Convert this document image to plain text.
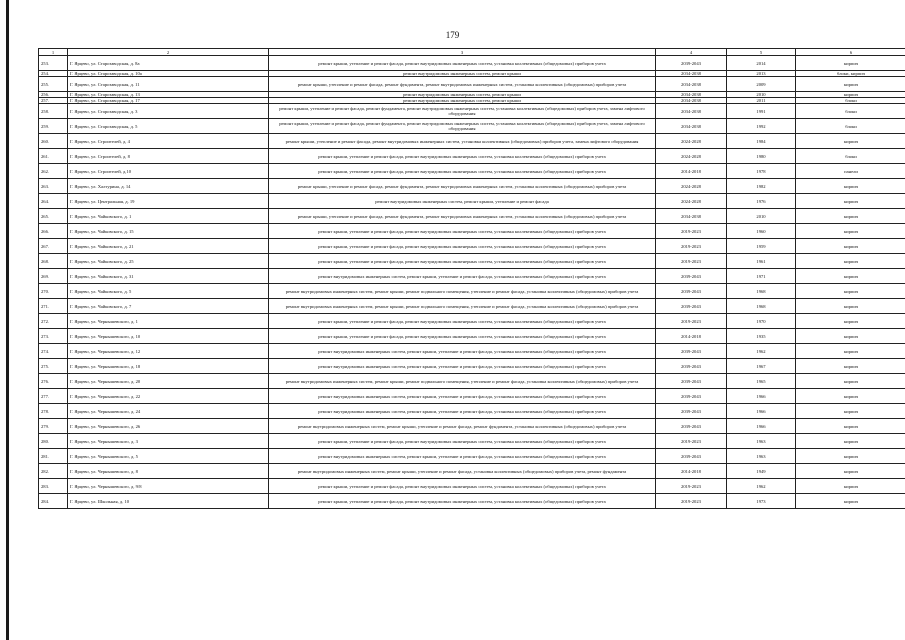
179
1	2	3	4	5	6
253.	Г. Ярцево, ул. Старозаводская, д. 8а	ремонт крыши, утепление и ремонт фасада, ремонт внутридомовых инженерных систем, установка коллективных (общедомовых) приборов учета	2039-2043	2014	кирпич
254.	Г. Ярцево, ул. Старозаводская, д. 10а	ремонт внутридомовых инженерных систем, ремонт крыши	2034-2038	2013	блоки, кирпич
255.	Г. Ярцево, ул. Старозаводская, д. 11	ремонт крыши, утепление и ремонт фасада, ремонт фундамента, ремонт внутридомовых инженерных систем, установка коллективных (общедомовых) приборов учета	2034-2038	2009	кирпич
256.	Г. Ярцево, ул. Старозаводская, д. 13	ремонт внутридомовых инженерных систем, ремонт крыши	2034-2038	2010	кирпич
257.	Г. Ярцево, ул. Старозаводская, д. 17	ремонт внутридомовых инженерных систем, ремонт крыши	2034-2038	2011	блоки
258.	Г. Ярцево, ул. Старозаводская, д. 3	ремонт крыши, утепление и ремонт фасада, ремонт фундамента, ремонт внутридомовых инженерных систем, установка коллективных (общедомовых) приборов учета, замена лифтового оборудования	2034-2038	1991	блоки
259.	Г. Ярцево, ул. Старозаводская, д. 5	ремонт крыши, утепление и ремонт фасада, ремонт фундамента, ремонт внутридомовых инженерных систем, установка коллективных (общедомовых) приборов учета, замена лифтового оборудования	2034-2038	1992	блоки
260.	Г. Ярцево, ул. Строителей, д. 4	ремонт крыши, утепление и ремонт фасада, ремонт внутридомовых инженерных систем, установка коллективных (общедомовых) приборов учета, замена лифтового оборудования	2024-2028	1984	кирпич
261.	Г. Ярцево, ул. Строителей, д. 8	ремонт крыши, утепление и ремонт фасада, ремонт внутридомовых инженерных систем, установка коллективных (общедомовых) приборов учета	2024-2028	1980	блоки
262.	Г. Ярцево, ул. Строителей, д.10	ремонт крыши, утепление и ремонт фасада, ремонт внутридомовых инженерных систем, установка коллективных (общедомовых) приборов учета	2014-2018	1978	панели
263.	Г. Ярцево, ул. Халтурина, д. 14	ремонт крыши, утепление и ремонт фасада, ремонт фундамента, ремонт внутридомовых инженерных систем, установка коллективных (общедомовых) приборов учета	2024-2028	1982	кирпич
264.	Г. Ярцево, ул. Центральная, д. 19	ремонт внутридомовых инженерных систем, ремонт крыши, утепление и ремонт фасада	2024-2028	1976	кирпич
265.	Г. Ярцево, ул. Чайковского, д. 1	ремонт крыши, утепление и ремонт фасада, ремонт фундамента, ремонт внутридомовых инженерных систем, установка коллективных (общедомовых) приборов учета	2034-2038	2010	кирпич
266.	Г. Ярцево, ул. Чайковского, д. 15	ремонт крыши, утепление и ремонт фасада, ремонт внутридомовых инженерных систем, установка коллективных (общедомовых) приборов учета	2019-2023	1960	кирпич
267.	Г. Ярцево, ул. Чайковского, д. 21	ремонт крыши, утепление и ремонт фасада, ремонт внутридомовых инженерных систем, установка коллективных (общедомовых) приборов учета	2019-2023	1959	кирпич
268.	Г. Ярцево, ул. Чайковского, д. 25	ремонт крыши, утепление и ремонт фасада, ремонт внутридомовых инженерных систем, установка коллективных (общедомовых) приборов учета	2019-2023	1961	кирпич
269.	Г. Ярцево, ул. Чайковского, д. 31	ремонт внутридомовых инженерных систем, ремонт крыши, утепление и ремонт фасада, установка коллективных (общедомовых) приборов учета	2039-2043	1971	кирпич
270.	Г. Ярцево, ул. Чайковского, д. 5	ремонт внутридомовых инженерных систем, ремонт крыши, ремонт подвального помещения, утепление и ремонт фасада, установка коллективных (общедомовых) приборов учета	2039-2043	1968	кирпич
271.	Г. Ярцево, ул. Чайковского, д. 7	ремонт внутридомовых инженерных систем, ремонт крыши, ремонт подвального помещения, утепление и ремонт фасада, установка коллективных (общедомовых) приборов учета	2039-2043	1968	кирпич
272.	Г. Ярцево, ул. Чернышевского, д. 1	ремонт крыши, утепление и ремонт фасада, ремонт внутридомовых инженерных систем, установка коллективных (общедомовых) приборов учета	2019-2023	1970	кирпич
273.	Г. Ярцево, ул. Чернышевского, д. 10	ремонт крыши, утепление и ремонт фасада, ремонт внутридомовых инженерных систем, установка коллективных (общедомовых) приборов учета	2014-2018	1935	кирпич
274.	Г. Ярцево, ул. Чернышевского, д. 12	ремонт внутридомовых инженерных систем, ремонт крыши, утепление и ремонт фасада, установка коллективных (общедомовых) приборов учета	2039-2043	1962	кирпич
275.	Г. Ярцево, ул. Чернышевского, д. 18	ремонт внутридомовых инженерных систем, ремонт крыши, утепление и ремонт фасада, установка коллективных (общедомовых) приборов учета	2039-2043	1967	кирпич
276.	Г. Ярцево, ул. Чернышевского, д. 20	ремонт внутридомовых инженерных систем, ремонт крыши, ремонт подвального помещения, утепление и ремонт фасада, установка коллективных (общедомовых) приборов учета	2039-2043	1965	кирпич
277.	Г. Ярцево, ул. Чернышевского, д. 22	ремонт внутридомовых инженерных систем, ремонт крыши, утепление и ремонт фасада, установка коллективных (общедомовых) приборов учета	2039-2043	1966	кирпич
278.	Г. Ярцево, ул. Чернышевского, д. 24	ремонт внутридомовых инженерных систем, ремонт крыши, утепление и ремонт фасада, установка коллективных (общедомовых) приборов учета	2039-2043	1966	кирпич
279.	Г. Ярцево, ул. Чернышевского, д. 26	ремонт внутридомовых инженерных систем, ремонт крыши, утепление и ремонт фасада, ремонт фундамента, установка коллективных (общедомовых) приборов учета	2039-2043	1966	кирпич
280.	Г. Ярцево, ул. Чернышевского, д. 3	ремонт крыши, утепление и ремонт фасада, ремонт внутридомовых инженерных систем, установка коллективных (общедомовых) приборов учета	2019-2023	1963	кирпич
281.	Г. Ярцево, ул. Чернышевского, д. 5	ремонт внутридомовых инженерных систем, ремонт крыши, утепление и ремонт фасада, установка коллективных (общедомовых) приборов учета	2039-2043	1963	кирпич
282.	Г. Ярцево, ул. Чернышевского, д. 8	ремонт внутридомовых инженерных систем, ремонт крыши, утепление и ремонт фасада, установка коллективных (общедомовых) приборов учета, ремонт фундамента	2014-2018	1949	кирпич
283.	Г. Ярцево, ул. Чернышевского, д. 9/8	ремонт крыши, утепление и ремонт фасада, ремонт внутридомовых инженерных систем, установка коллективных (общедомовых) приборов учета	2019-2023	1962	кирпич
284.	Г. Ярцево, ул. Школьная, д. 10	ремонт крыши, утепление и ремонт фасада, ремонт внутридомовых инженерных систем, установка коллективных (общедомовых) приборов учета	2019-2023	1973	кирпич
